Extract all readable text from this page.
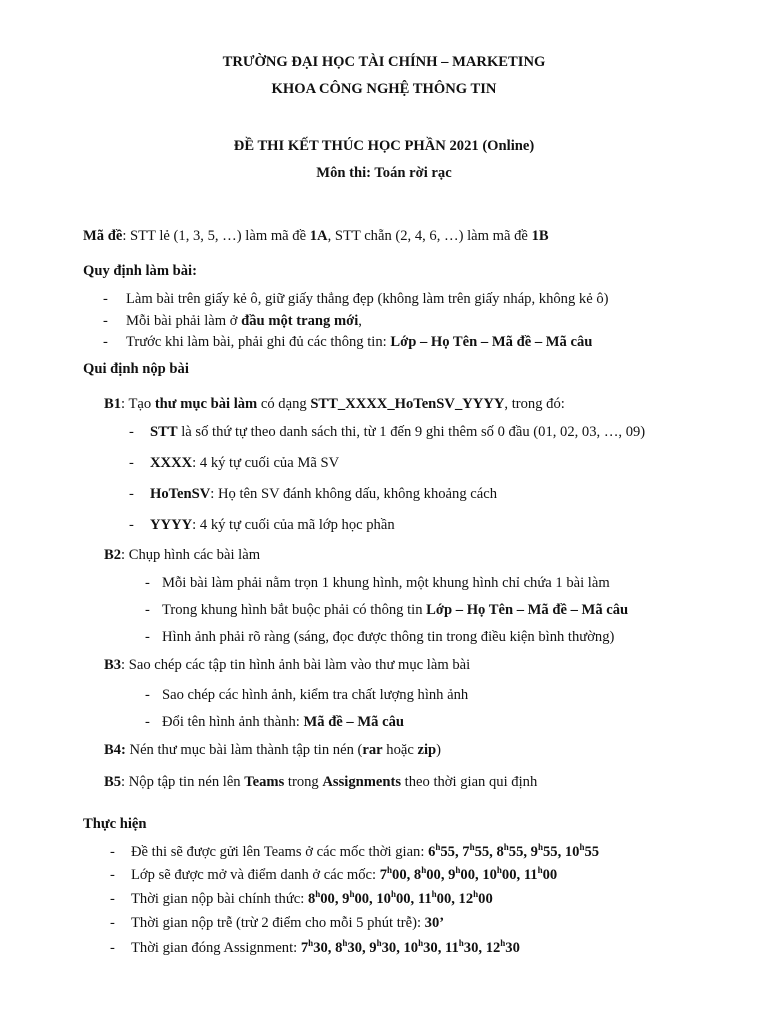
TRƯỜNG ĐẠI HỌC TÀI CHÍNH – MARKETING
KHOA CÔNG NGHỆ THÔNG TIN
ĐỀ THI KẾT THÚC HỌC PHẦN 2021 (Online)
Môn thi: Toán rời rạc
Mã đề: STT lẻ (1, 3, 5, …) làm mã đề 1A, STT chẵn (2, 4, 6, …) làm mã đề 1B
Quy định làm bài:
- Làm bài trên giấy kẻ ô, giữ giấy thẳng đẹp (không làm trên giấy nháp, không kẻ ô)
- Mỗi bài phải làm ở đầu một trang mới,
- Trước khi làm bài, phải ghi đủ các thông tin: Lớp – Họ Tên – Mã đề – Mã câu
Qui định nộp bài
B1: Tạo thư mục bài làm có dạng STT_XXXX_HoTenSV_YYYY, trong đó:
- STT là số thứ tự theo danh sách thi, từ 1 đến 9 ghi thêm số 0 đầu (01, 02, 03, …, 09)
- XXXX: 4 ký tự cuối của Mã SV
- HoTenSV: Họ tên SV đánh không dấu, không khoảng cách
- YYYY: 4 ký tự cuối của mã lớp học phần
B2: Chụp hình các bài làm
- Mỗi bài làm phải nằm trọn 1 khung hình, một khung hình chỉ chứa 1 bài làm
- Trong khung hình bắt buộc phải có thông tin Lớp – Họ Tên – Mã đề – Mã câu
- Hình ảnh phải rõ ràng (sáng, đọc được thông tin trong điều kiện bình thường)
B3: Sao chép các tập tin hình ảnh bài làm vào thư mục làm bài
- Sao chép các hình ảnh, kiểm tra chất lượng hình ảnh
- Đổi tên hình ảnh thành: Mã đề – Mã câu
B4: Nén thư mục bài làm thành tập tin nén (rar hoặc zip)
B5: Nộp tập tin nén lên Teams trong Assignments theo thời gian qui định
Thực hiện
- Đề thi sẽ được gửi lên Teams ở các mốc thời gian: 6$^h$55, 7$^h$55, 8$^h$55, 9$^h$55, 10$^h$55
- Lớp sẽ được mở và điểm danh ở các mốc: 7$^h$00, 8$^h$00, 9$^h$00, 10$^h$00, 11$^h$00
- Thời gian nộp bài chính thức: 8$^h$00, 9$^h$00, 10$^h$00, 11$^h$00, 12$^h$00
- Thời gian nộp trễ (trừ 2 điểm cho mỗi 5 phút trễ): 30’
- Thời gian đóng Assignment: 7$^h$30, 8$^h$30, 9$^h$30, 10$^h$30, 11$^h$30, 12$^h$30
